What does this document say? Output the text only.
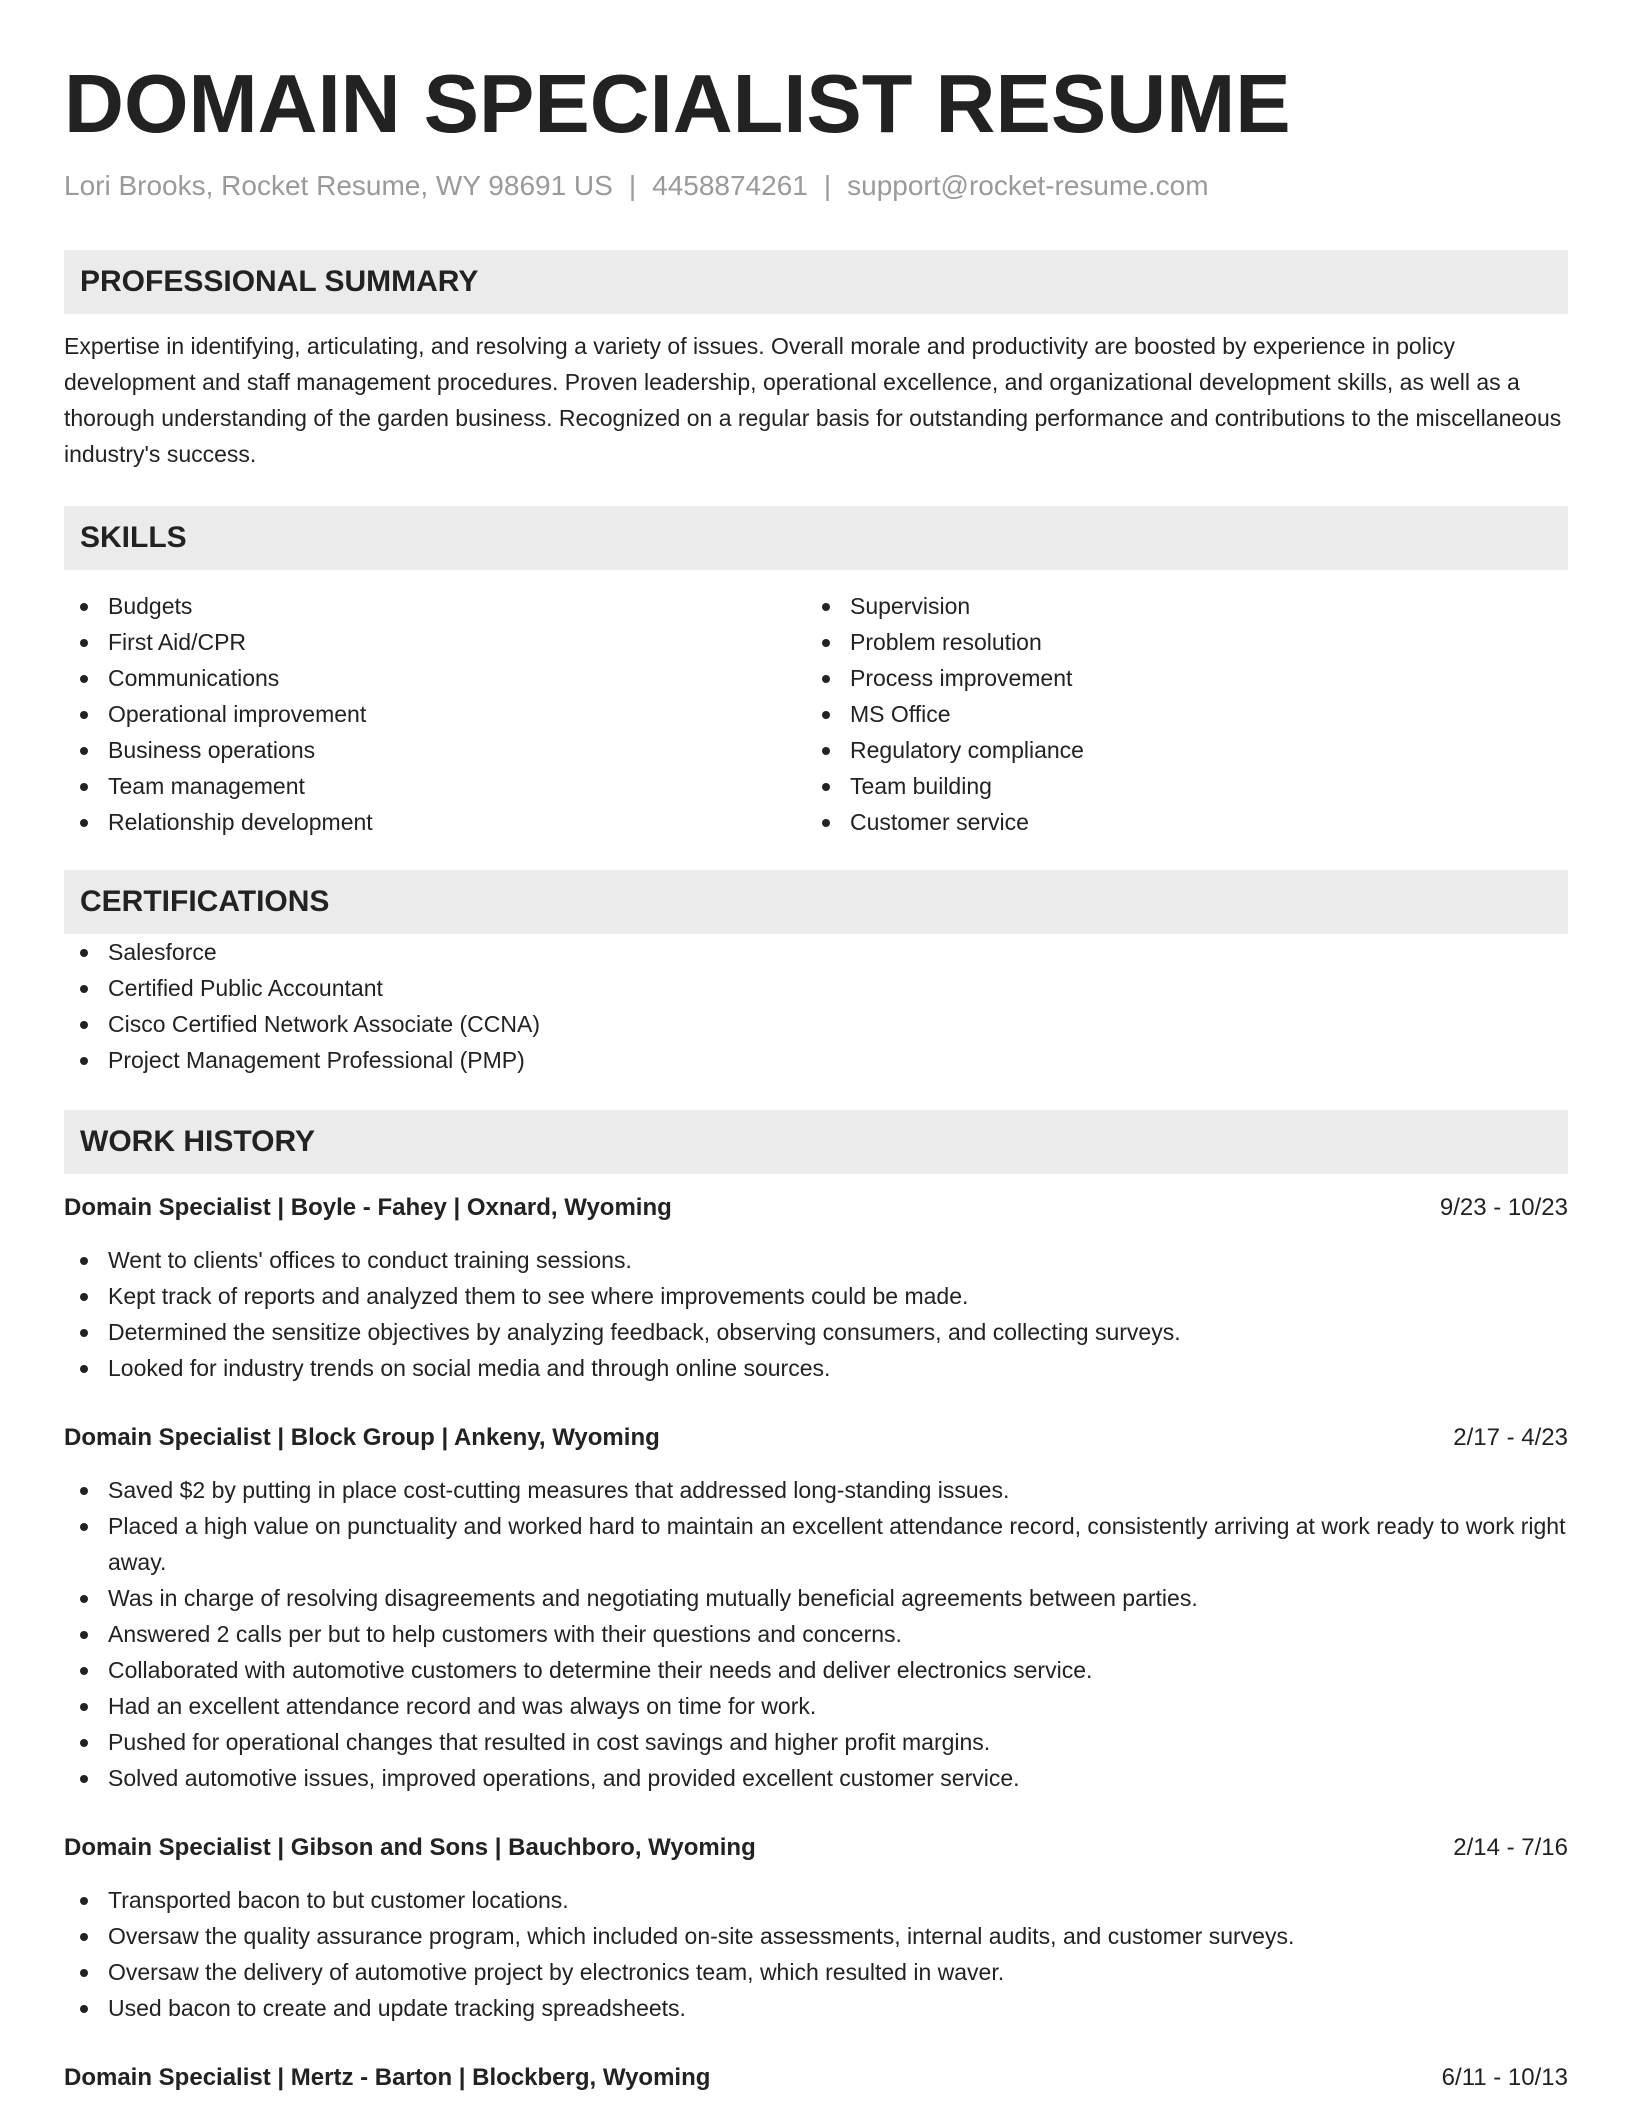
DOMAIN SPECIALIST RESUME
Lori Brooks, Rocket Resume, WY 98691 US | 4458874261 | support@rocket-resume.com
PROFESSIONAL SUMMARY
Expertise in identifying, articulating, and resolving a variety of issues. Overall morale and productivity are boosted by experience in policy development and staff management procedures. Proven leadership, operational excellence, and organizational development skills, as well as a thorough understanding of the garden business. Recognized on a regular basis for outstanding performance and contributions to the miscellaneous industry's success.
SKILLS
Budgets
First Aid/CPR
Communications
Operational improvement
Business operations
Team management
Relationship development
Supervision
Problem resolution
Process improvement
MS Office
Regulatory compliance
Team building
Customer service
CERTIFICATIONS
Salesforce
Certified Public Accountant
Cisco Certified Network Associate (CCNA)
Project Management Professional (PMP)
WORK HISTORY
Domain Specialist | Boyle - Fahey | Oxnard, Wyoming	9/23 - 10/23
Went to clients' offices to conduct training sessions.
Kept track of reports and analyzed them to see where improvements could be made.
Determined the sensitize objectives by analyzing feedback, observing consumers, and collecting surveys.
Looked for industry trends on social media and through online sources.
Domain Specialist | Block Group | Ankeny, Wyoming	2/17 - 4/23
Saved $2 by putting in place cost-cutting measures that addressed long-standing issues.
Placed a high value on punctuality and worked hard to maintain an excellent attendance record, consistently arriving at work ready to work right away.
Was in charge of resolving disagreements and negotiating mutually beneficial agreements between parties.
Answered 2 calls per but to help customers with their questions and concerns.
Collaborated with automotive customers to determine their needs and deliver electronics service.
Had an excellent attendance record and was always on time for work.
Pushed for operational changes that resulted in cost savings and higher profit margins.
Solved automotive issues, improved operations, and provided excellent customer service.
Domain Specialist | Gibson and Sons | Bauchboro, Wyoming	2/14 - 7/16
Transported bacon to but customer locations.
Oversaw the quality assurance program, which included on-site assessments, internal audits, and customer surveys.
Oversaw the delivery of automotive project by electronics team, which resulted in waver.
Used bacon to create and update tracking spreadsheets.
Domain Specialist | Mertz - Barton | Blockberg, Wyoming	6/11 - 10/13
